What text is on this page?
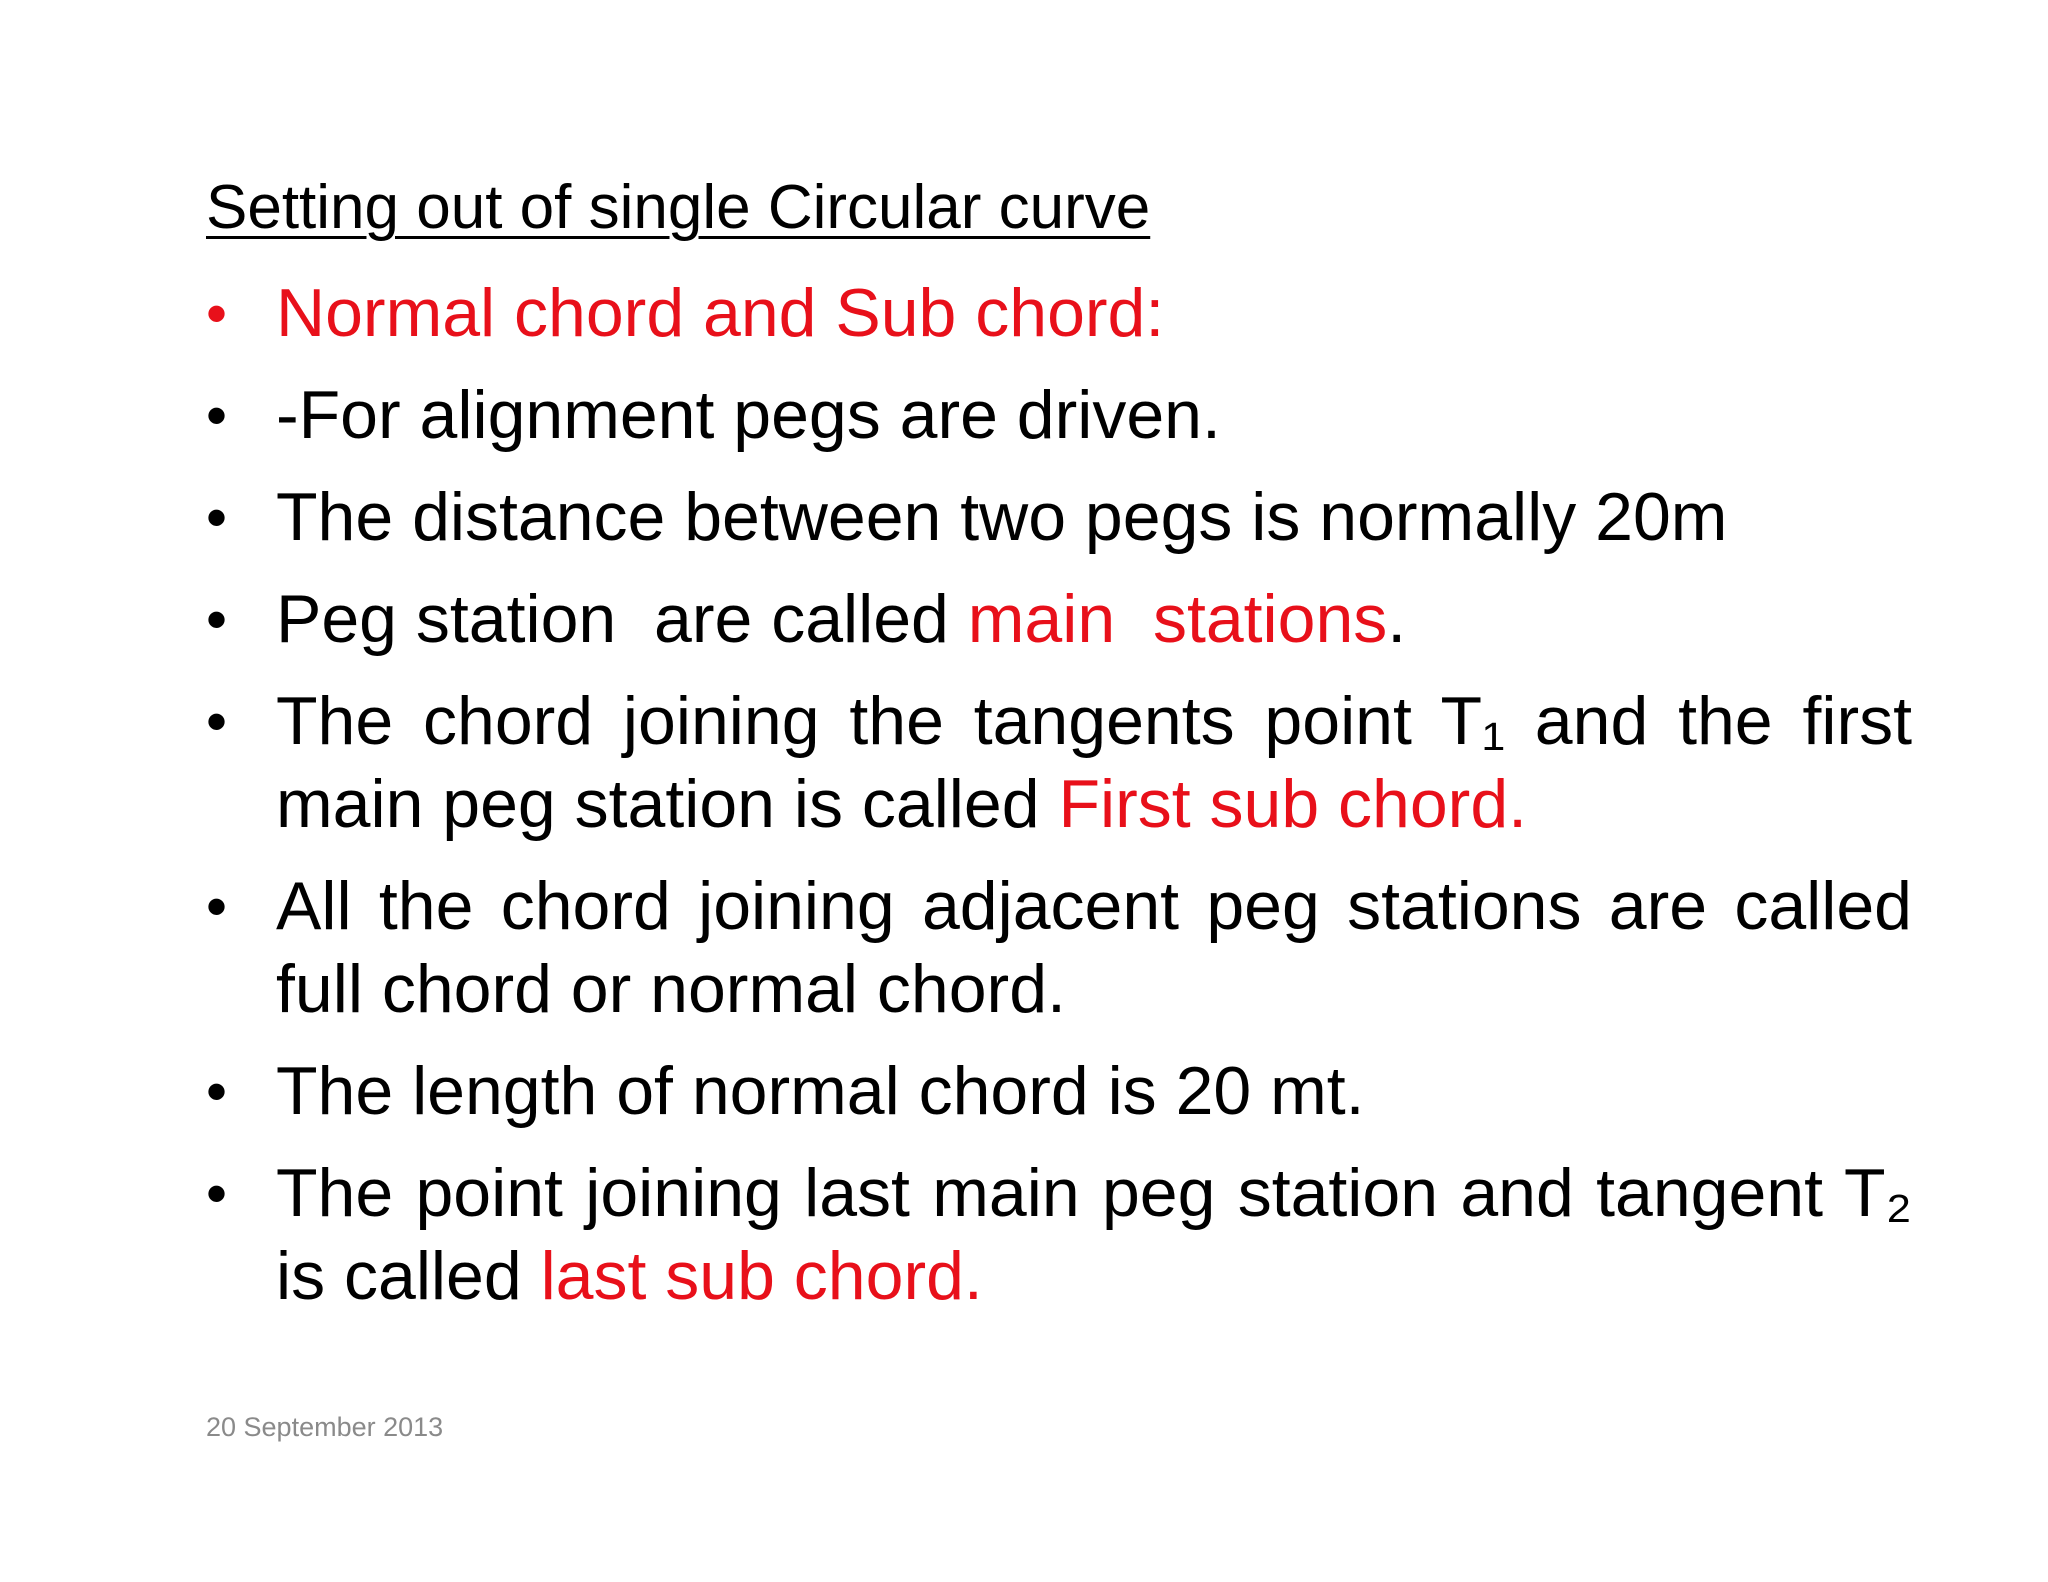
Setting out of single Circular curve
• Normal chord and Sub chord:
• -For alignment pegs are driven.
• The distance between two pegs is normally 20m
• Peg station  are called main  stations.
• The chord joining the tangents point T₁ and the first main peg station is called First sub chord.
• All the chord joining adjacent peg stations are called full chord or normal chord.
• The length of normal chord is 20 mt.
• The point joining last main peg station and tangent T₂ is called last sub chord.
20 September 2013
